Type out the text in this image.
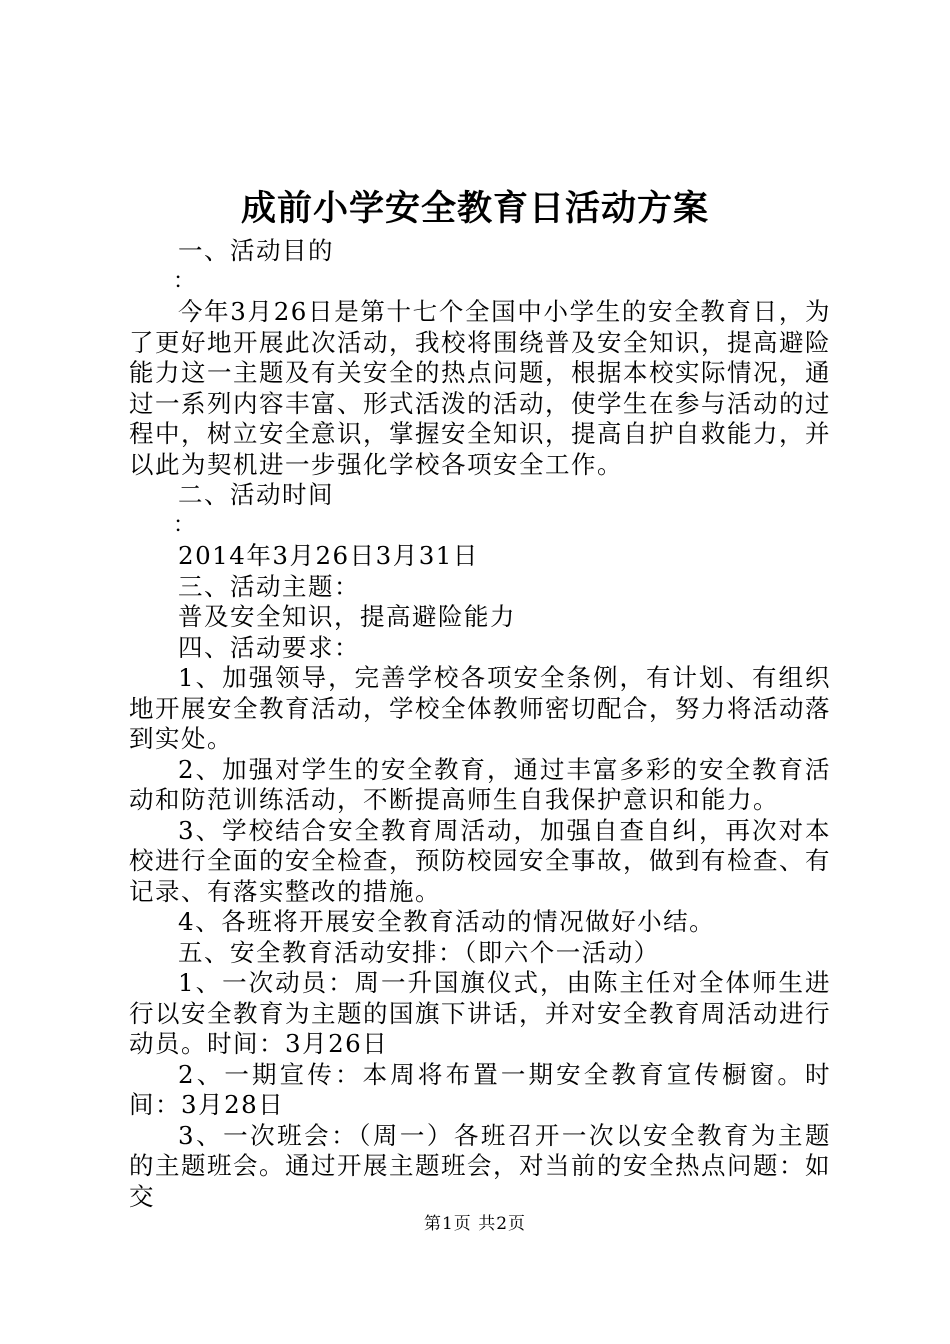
成前小学安全教育日活动方案

一、活动目的

：

今年3月26日是第十七个全国中小学生的安全教育日，为了更好地开展此次活动，我校将围绕普及安全知识，提高避险能力这一主题及有关安全的热点问题，根据本校实际情况，通过一系列内容丰富、形式活泼的活动，使学生在参与活动的过程中，树立安全意识，掌握安全知识，提高自护自救能力，并以此为契机进一步强化学校各项安全工作。

二、活动时间

：

2014年3月26日3月31日

三、活动主题：

普及安全知识，提高避险能力

四、活动要求：

1、加强领导，完善学校各项安全条例，有计划、有组织地开展安全教育活动，学校全体教师密切配合，努力将活动落到实处。

2、加强对学生的安全教育，通过丰富多彩的安全教育活动和防范训练活动，不断提高师生自我保护意识和能力。

3、学校结合安全教育周活动，加强自查自纠，再次对本校进行全面的安全检查，预防校园安全事故，做到有检查、有记录、有落实整改的措施。

4、各班将开展安全教育活动的情况做好小结。

五、安全教育活动安排：（即六个一活动）

1、一次动员：周一升国旗仪式，由陈主任对全体师生进行以安全教育为主题的国旗下讲话，并对安全教育周活动进行动员。时间：3月26日

2、一期宣传：本周将布置一期安全教育宣传橱窗。时间：3月28日

3、一次班会：（周一）各班召开一次以安全教育为主题的主题班会。通过开展主题班会，对当前的安全热点问题：如交

第1页 共2页
